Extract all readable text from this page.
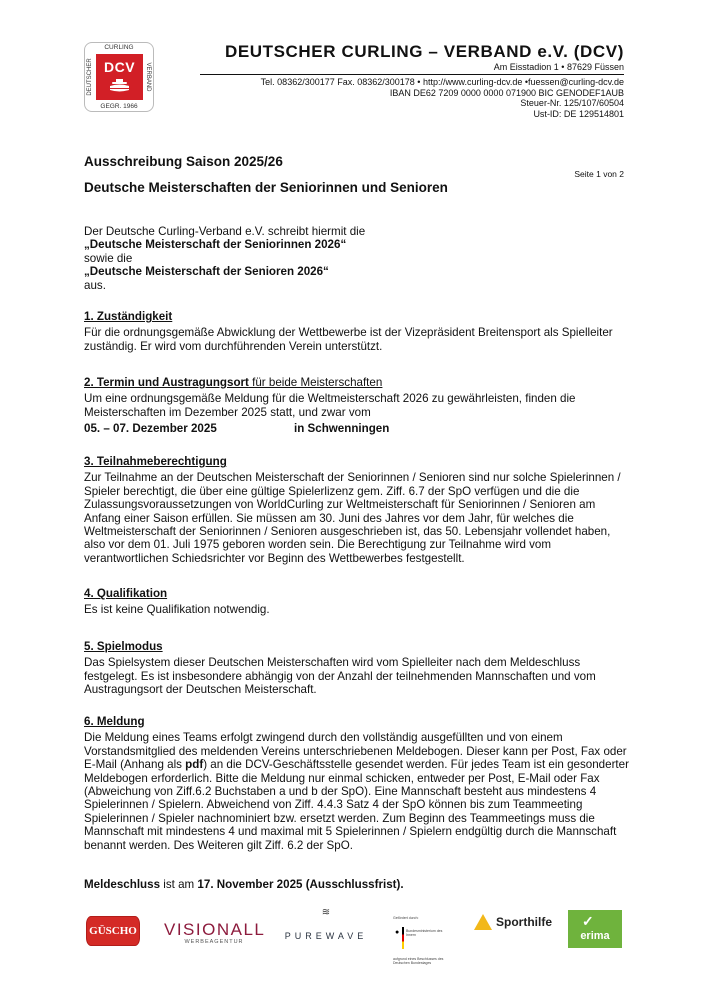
CURLING
DEUTSCHER	VERBAND
DCV
GEGR. 1966
DEUTSCHER CURLING – VERBAND e.V. (DCV)
Am Eisstadion 1 • 87629 Füssen
Tel. 08362/300177 Fax. 08362/300178 • http://www.curling-dcv.de •fuessen@curling-dcv.de
IBAN DE62 7209 0000 0000 071900 BIC GENODEF1AUB
Steuer-Nr. 125/107/60504
Ust-ID: DE 129514801
Ausschreibung Saison 2025/26
Seite 1 von 2
Deutsche Meisterschaften der Seniorinnen und Senioren
Der Deutsche Curling-Verband e.V. schreibt hiermit die
„Deutsche Meisterschaft der Seniorinnen 2026“
sowie die
„Deutsche Meisterschaft der Senioren 2026“
aus.
1. Zuständigkeit
Für die ordnungsgemäße Abwicklung der Wettbewerbe ist der Vizepräsident Breitensport als Spielleiter zuständig. Er wird vom durchführenden Verein unterstützt.
2. Termin und Austragungsort für beide Meisterschaften
Um eine ordnungsgemäße Meldung für die Weltmeisterschaft 2026 zu gewährleisten, finden die Meisterschaften im Dezember 2025 statt, und zwar vom
05. – 07. Dezember 2025	in Schwenningen
3. Teilnahmeberechtigung
Zur Teilnahme an der Deutschen Meisterschaft der Seniorinnen / Senioren sind nur solche Spielerinnen / Spieler berechtigt, die über eine gültige Spielerlizenz gem. Ziff. 6.7 der SpO verfügen und die die Zulassungsvoraussetzungen von WorldCurling zur Weltmeisterschaft für Seniorinnen / Senioren am Anfang einer Saison erfüllen. Sie müssen am 30. Juni des Jahres vor dem Jahr, für welches die Weltmeisterschaft der Seniorinnen / Senioren ausgeschrieben ist, das 50. Lebensjahr vollendet haben, also vor dem 01. Juli 1975 geboren worden sein. Die Berechtigung zur Teilnahme wird vom verantwortlichen Schiedsrichter vor Beginn des Wettbewerbes festgestellt.
4. Qualifikation
Es ist keine Qualifikation notwendig.
5. Spielmodus
Das Spielsystem dieser Deutschen Meisterschaften wird vom Spielleiter nach dem Meldeschluss festgelegt. Es ist insbesondere abhängig von der Anzahl der teilnehmenden Mannschaften und vom Austragungsort der Deutschen Meisterschaft.
6. Meldung
Die Meldung eines Teams erfolgt zwingend durch den vollständig ausgefüllten und von einem Vorstandsmitglied des meldenden Vereins unterschriebenen Meldebogen. Dieser kann per Post, Fax oder E-Mail (Anhang als pdf) an die DCV-Geschäftsstelle gesendet werden. Für jedes Team ist ein gesonderter Meldebogen erforderlich. Bitte die Meldung nur einmal schicken, entweder per Post, E-Mail oder Fax (Abweichung von Ziff.6.2 Buchstaben a und b der SpO). Eine Mannschaft besteht aus mindestens 4 Spielerinnen / Spielern. Abweichend von Ziff. 4.4.3 Satz 4 der SpO können bis zum Teammeeting Spielerinnen / Spieler nachnominiert bzw. ersetzt werden. Zum Beginn des Teammeetings muss die Mannschaft mit mindestens 4 und maximal mit 5 Spielerinnen / Spielern endgültig durch die Mannschaft benannt werden. Des Weiteren gilt Ziff. 6.2 der SpO.
Meldeschluss ist am 17. November 2025 (Ausschlussfrist).
GÜSCHO VISIONALL
WERBEAGENTUR
≋
PUREWAVE
Gefördert durch:
● Bundesministerium des Innern
aufgrund eines Beschlusses des Deutschen Bundestages
Sporthilfe ✓
erima
